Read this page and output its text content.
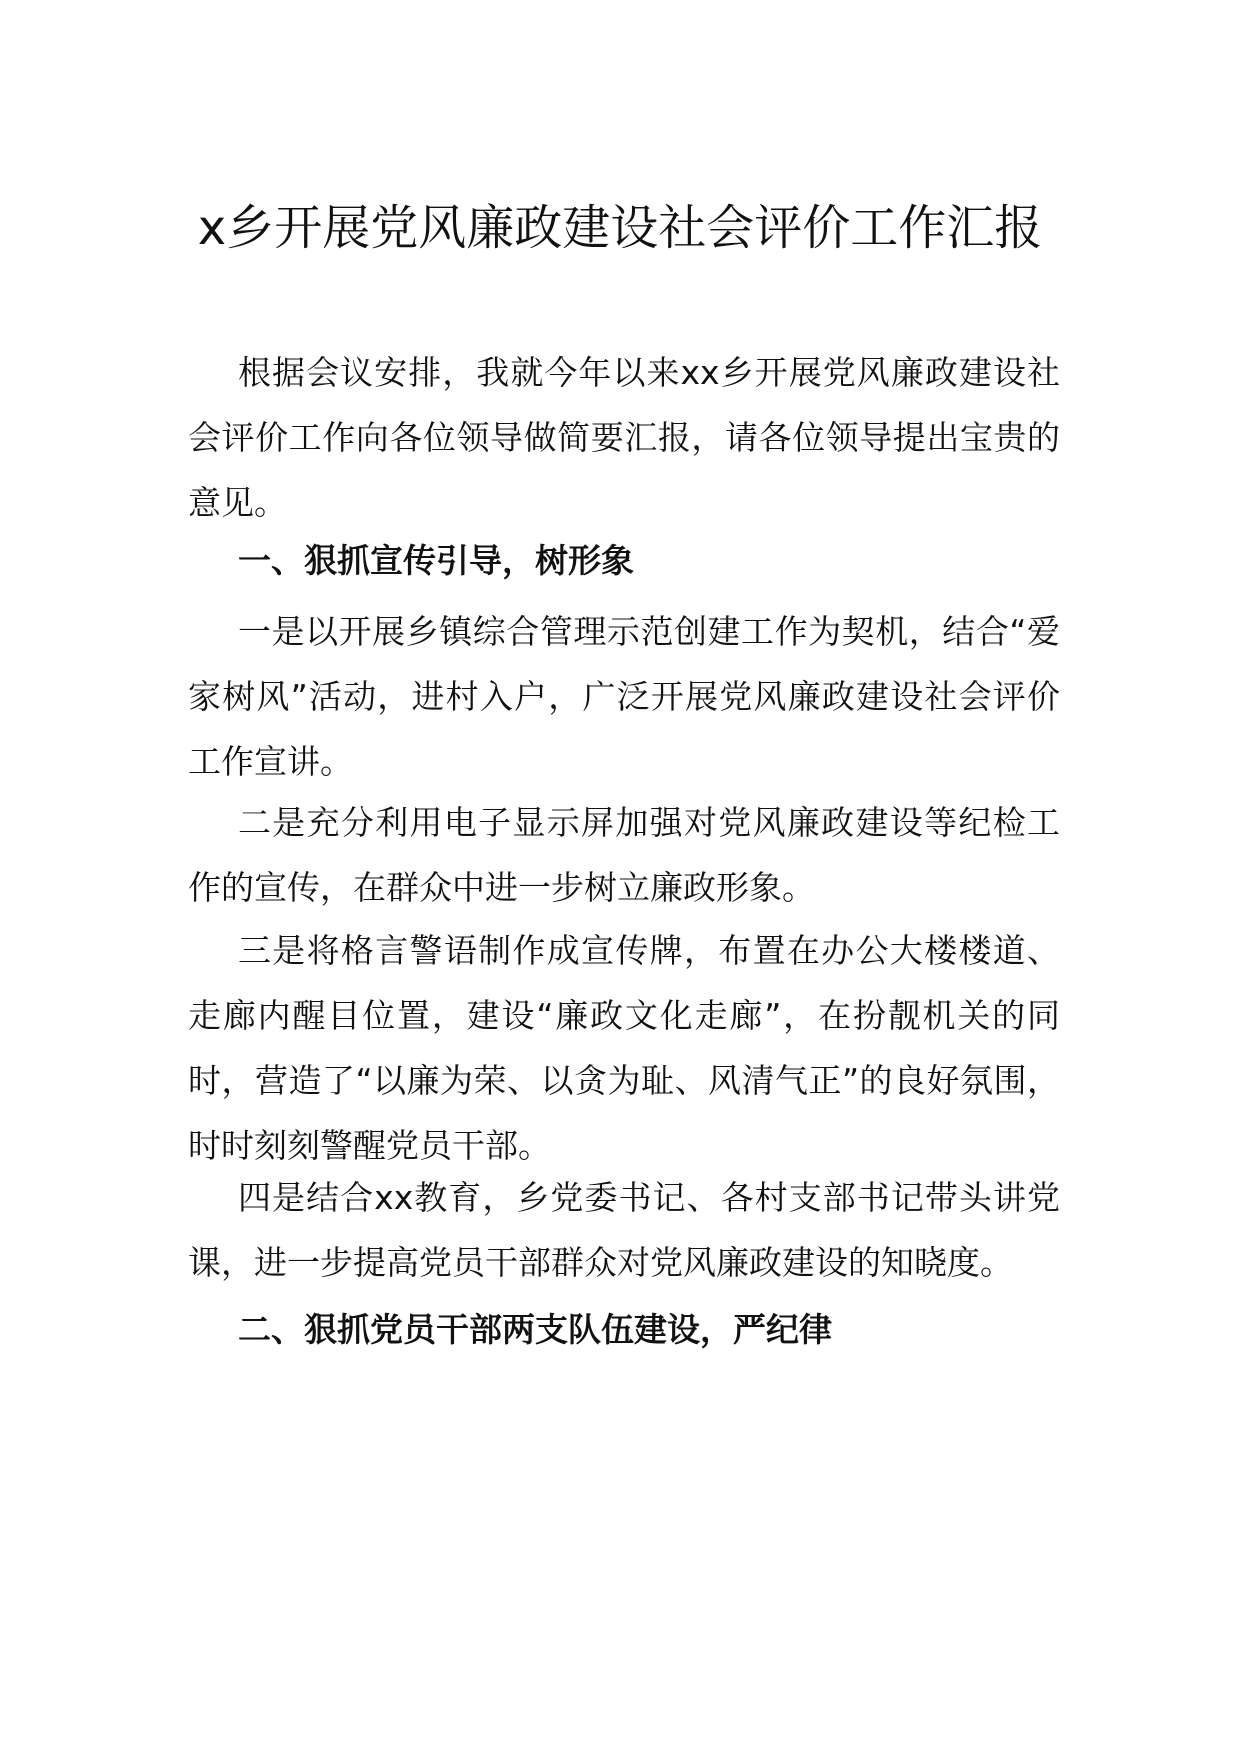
x乡开展党风廉政建设社会评价工作汇报

根据会议安排，我就今年以来xx乡开展党风廉政建设社会评价工作向各位领导做简要汇报，请各位领导提出宝贵的意见。

一、狠抓宣传引导，树形象

一是以开展乡镇综合管理示范创建工作为契机，结合“爱家树风”活动，进村入户，广泛开展党风廉政建设社会评价工作宣讲。

二是充分利用电子显示屏加强对党风廉政建设等纪检工作的宣传，在群众中进一步树立廉政形象。

三是将格言警语制作成宣传牌，布置在办公大楼楼道、走廊内醒目位置，建设“廉政文化走廊”，在扮靓机关的同时，营造了“以廉为荣、以贪为耻、风清气正”的良好氛围，时时刻刻警醒党员干部。

四是结合xx教育，乡党委书记、各村支部书记带头讲党课，进一步提高党员干部群众对党风廉政建设的知晓度。

二、狠抓党员干部两支队伍建设，严纪律
